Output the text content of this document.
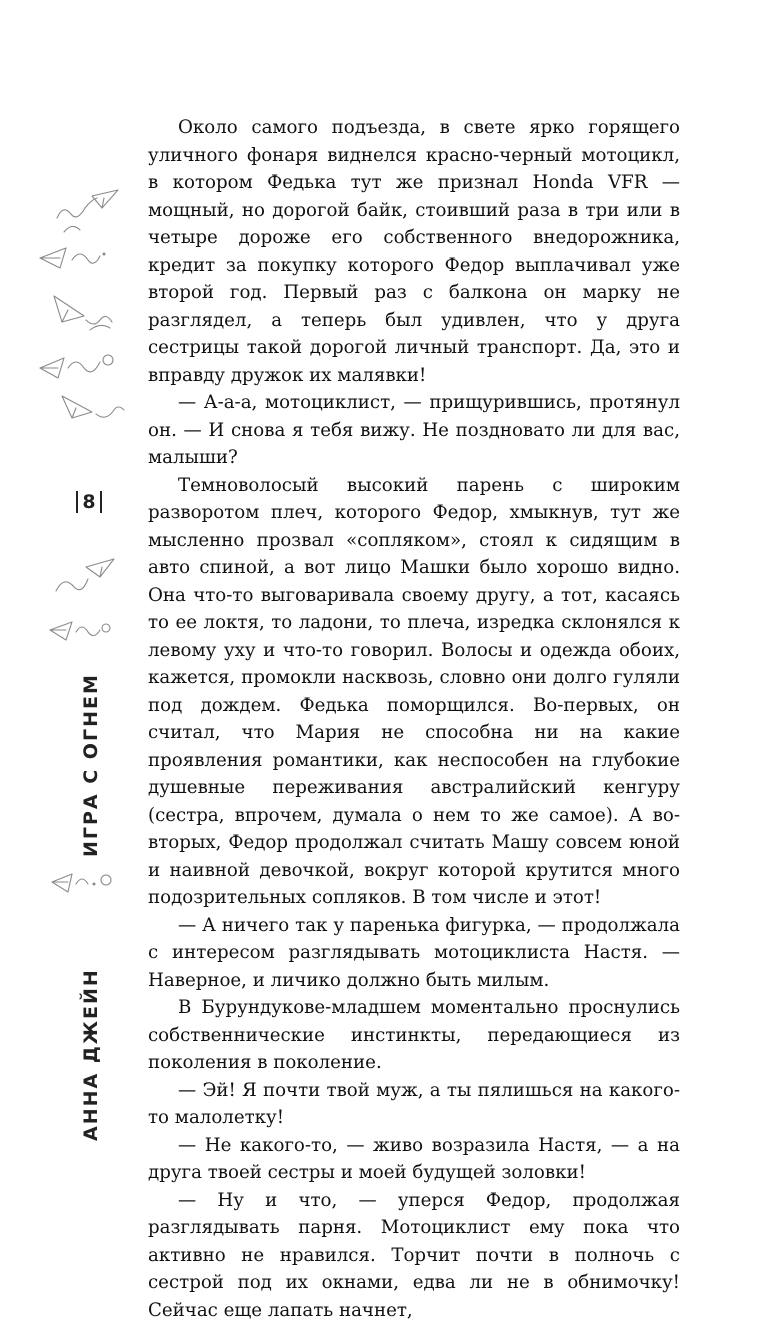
8
ИГРА С ОГНЕМ
АННА ДЖЕЙН

Около самого подъезда, в свете ярко горящего уличного фонаря виднелся красно-черный мотоцикл, в котором Федька тут же признал Honda VFR — мощный, но дорогой байк, стоивший раза в три или в четыре дороже его собственного внедорожника, кредит за покупку которого Федор выплачивал уже второй год. Первый раз с балкона он марку не разглядел, а теперь был удивлен, что у друга сестрицы такой дорогой личный транспорт. Да, это и вправду дружок их малявки!

— А-а-а, мотоциклист, — прищурившись, протянул он. — И снова я тебя вижу. Не поздновато ли для вас, малыши?

Темноволосый высокий парень с широким разворотом плеч, которого Федор, хмыкнув, тут же мысленно прозвал «сопляком», стоял к сидящим в авто спиной, а вот лицо Машки было хорошо видно. Она что-то выговаривала своему другу, а тот, касаясь то ее локтя, то ладони, то плеча, изредка склонялся к левому уху и что-то говорил. Волосы и одежда обоих, кажется, промокли насквозь, словно они долго гуляли под дождем. Федька поморщился. Во-первых, он считал, что Мария не способна ни на какие проявления романтики, как неспособен на глубокие душевные переживания австралийский кенгуру (сестра, впрочем, думала о нем то же самое). А во-вторых, Федор продолжал считать Машу совсем юной и наивной девочкой, вокруг которой крутится много подозрительных сопляков. В том числе и этот!

— А ничего так у паренька фигурка, — продолжала с интересом разглядывать мотоциклиста Настя. — Наверное, и личико должно быть милым.

В Бурундукове-младшем моментально проснулись собственнические инстинкты, передающиеся из поколения в поколение.

— Эй! Я почти твой муж, а ты пялишься на какого-то малолетку!

— Не какого-то, — живо возразила Настя, — а на друга твоей сестры и моей будущей золовки!

— Ну и что, — уперся Федор, продолжая разглядывать парня. Мотоциклист ему пока что активно не нравился. Торчит почти в полночь с сестрой под их окнами, едва ли не в обнимочку! Сейчас еще лапать начнет,
